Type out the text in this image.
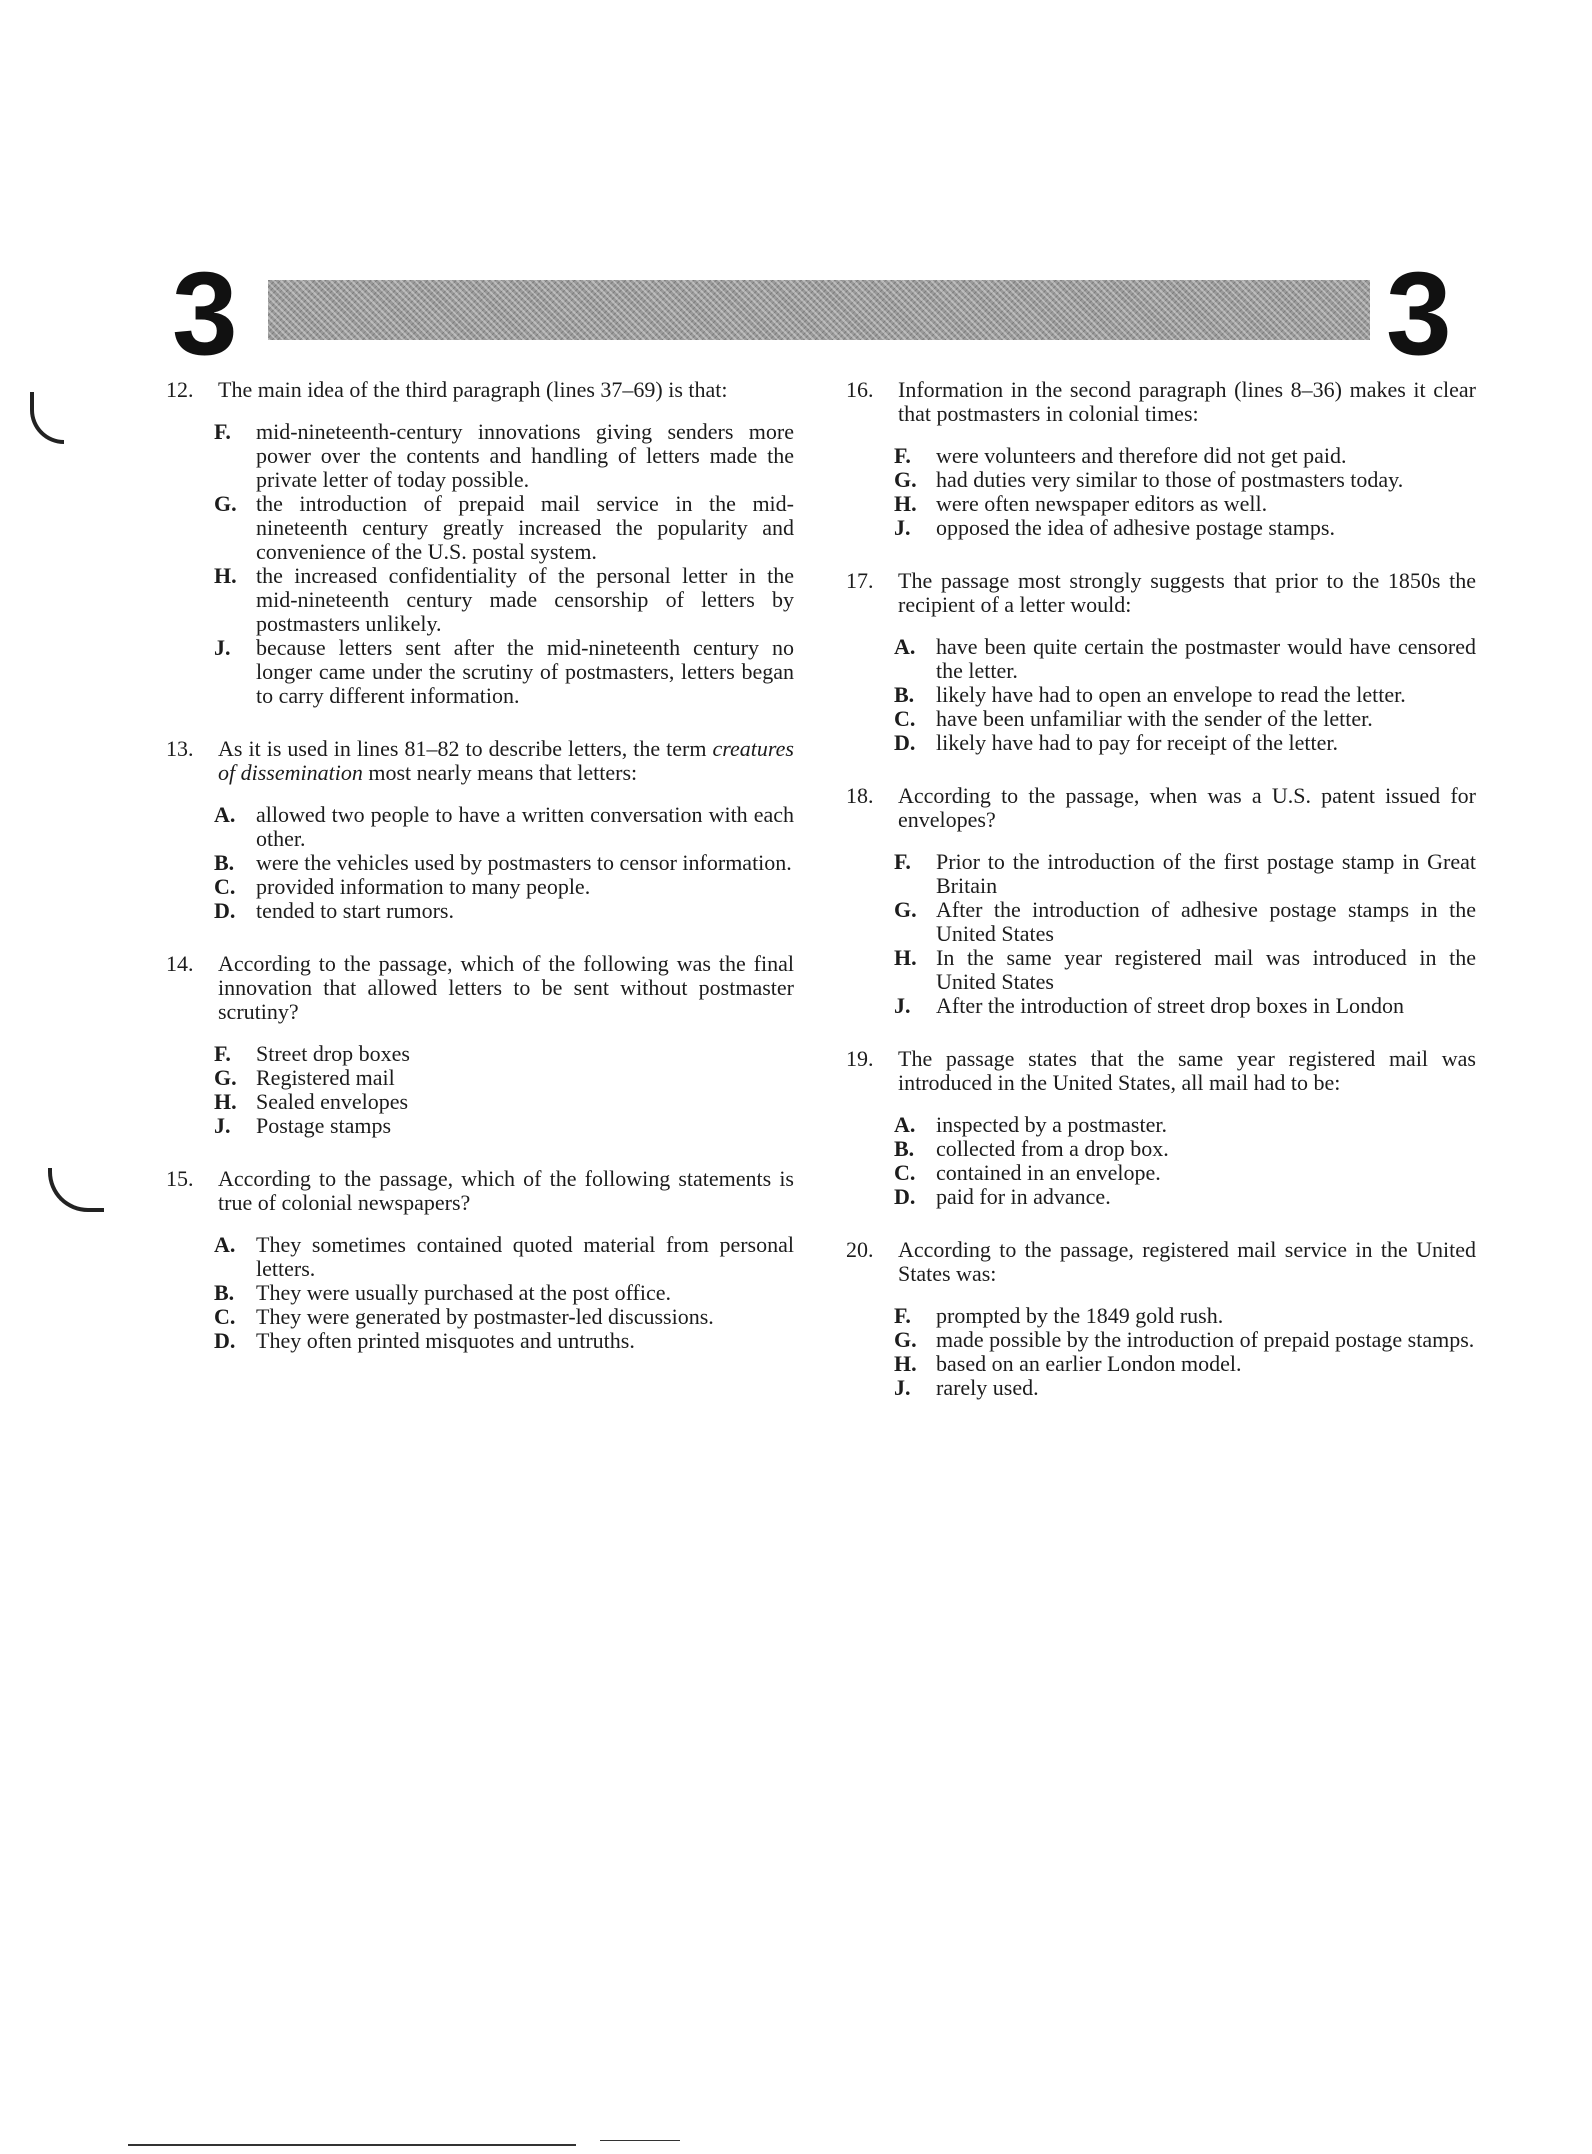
3	3
12. The main idea of the third paragraph (lines 37–69) is that:
F. mid-nineteenth-century innovations giving senders more power over the contents and handling of letters made the private letter of today possible.
G. the introduction of prepaid mail service in the mid-nineteenth century greatly increased the popularity and convenience of the U.S. postal system.
H. the increased confidentiality of the personal letter in the mid-nineteenth century made censorship of letters by postmasters unlikely.
J. because letters sent after the mid-nineteenth century no longer came under the scrutiny of postmasters, letters began to carry different information.
13. As it is used in lines 81–82 to describe letters, the term creatures of dissemination most nearly means that letters:
A. allowed two people to have a written conversation with each other.
B. were the vehicles used by postmasters to censor information.
C. provided information to many people.
D. tended to start rumors.
14. According to the passage, which of the following was the final innovation that allowed letters to be sent without postmaster scrutiny?
F. Street drop boxes
G. Registered mail
H. Sealed envelopes
J. Postage stamps
15. According to the passage, which of the following statements is true of colonial newspapers?
A. They sometimes contained quoted material from personal letters.
B. They were usually purchased at the post office.
C. They were generated by postmaster-led discussions.
D. They often printed misquotes and untruths.
16. Information in the second paragraph (lines 8–36) makes it clear that postmasters in colonial times:
F. were volunteers and therefore did not get paid.
G. had duties very similar to those of postmasters today.
H. were often newspaper editors as well.
J. opposed the idea of adhesive postage stamps.
17. The passage most strongly suggests that prior to the 1850s the recipient of a letter would:
A. have been quite certain the postmaster would have censored the letter.
B. likely have had to open an envelope to read the letter.
C. have been unfamiliar with the sender of the letter.
D. likely have had to pay for receipt of the letter.
18. According to the passage, when was a U.S. patent issued for envelopes?
F. Prior to the introduction of the first postage stamp in Great Britain
G. After the introduction of adhesive postage stamps in the United States
H. In the same year registered mail was introduced in the United States
J. After the introduction of street drop boxes in London
19. The passage states that the same year registered mail was introduced in the United States, all mail had to be:
A. inspected by a postmaster.
B. collected from a drop box.
C. contained in an envelope.
D. paid for in advance.
20. According to the passage, registered mail service in the United States was:
F. prompted by the 1849 gold rush.
G. made possible by the introduction of prepaid postage stamps.
H. based on an earlier London model.
J. rarely used.
